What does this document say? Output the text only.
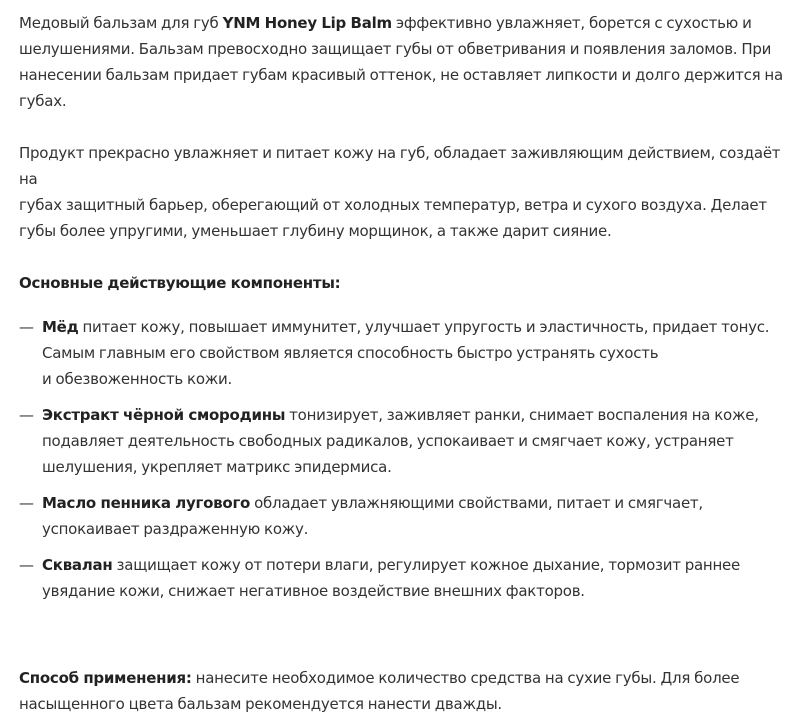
Медовый бальзам для губ YNM Honey Lip Balm эффективно увлажняет, борется с сухостью и
шелушениями. Бальзам превосходно защищает губы от обветривания и появления заломов. При
нанесении бальзам придает губам красивый оттенок, не оставляет липкости и долго держится на
губах.

Продукт прекрасно увлажняет и питает кожу на губ, обладает заживляющим действием, создаёт на
губах защитный барьер, оберегающий от холодных температур, ветра и сухого воздуха. Делает
губы более упругими, уменьшает глубину морщинок, а также дарит сияние.

Основные действующие компоненты:

— Мёд питает кожу, повышает иммунитет, улучшает упругость и эластичность, придает тонус.
Самым главным его свойством является способность быстро устранять сухость
и обезвоженность кожи.
— Экстракт чёрной смородины тонизирует, заживляет ранки, снимает воспаления на коже,
подавляет деятельность свободных радикалов, успокаивает и смягчает кожу, устраняет
шелушения, укрепляет матрикс эпидермиса.
— Масло пенника лугового обладает увлажняющими свойствами, питает и смягчает,
успокаивает раздраженную кожу.
— Сквалан защищает кожу от потери влаги, регулирует кожное дыхание, тормозит раннее
увядание кожи, снижает негативное воздействие внешних факторов.

Способ применения: нанесите необходимое количество средства на сухие губы. Для более
насыщенного цвета бальзам рекомендуется нанести дважды.
